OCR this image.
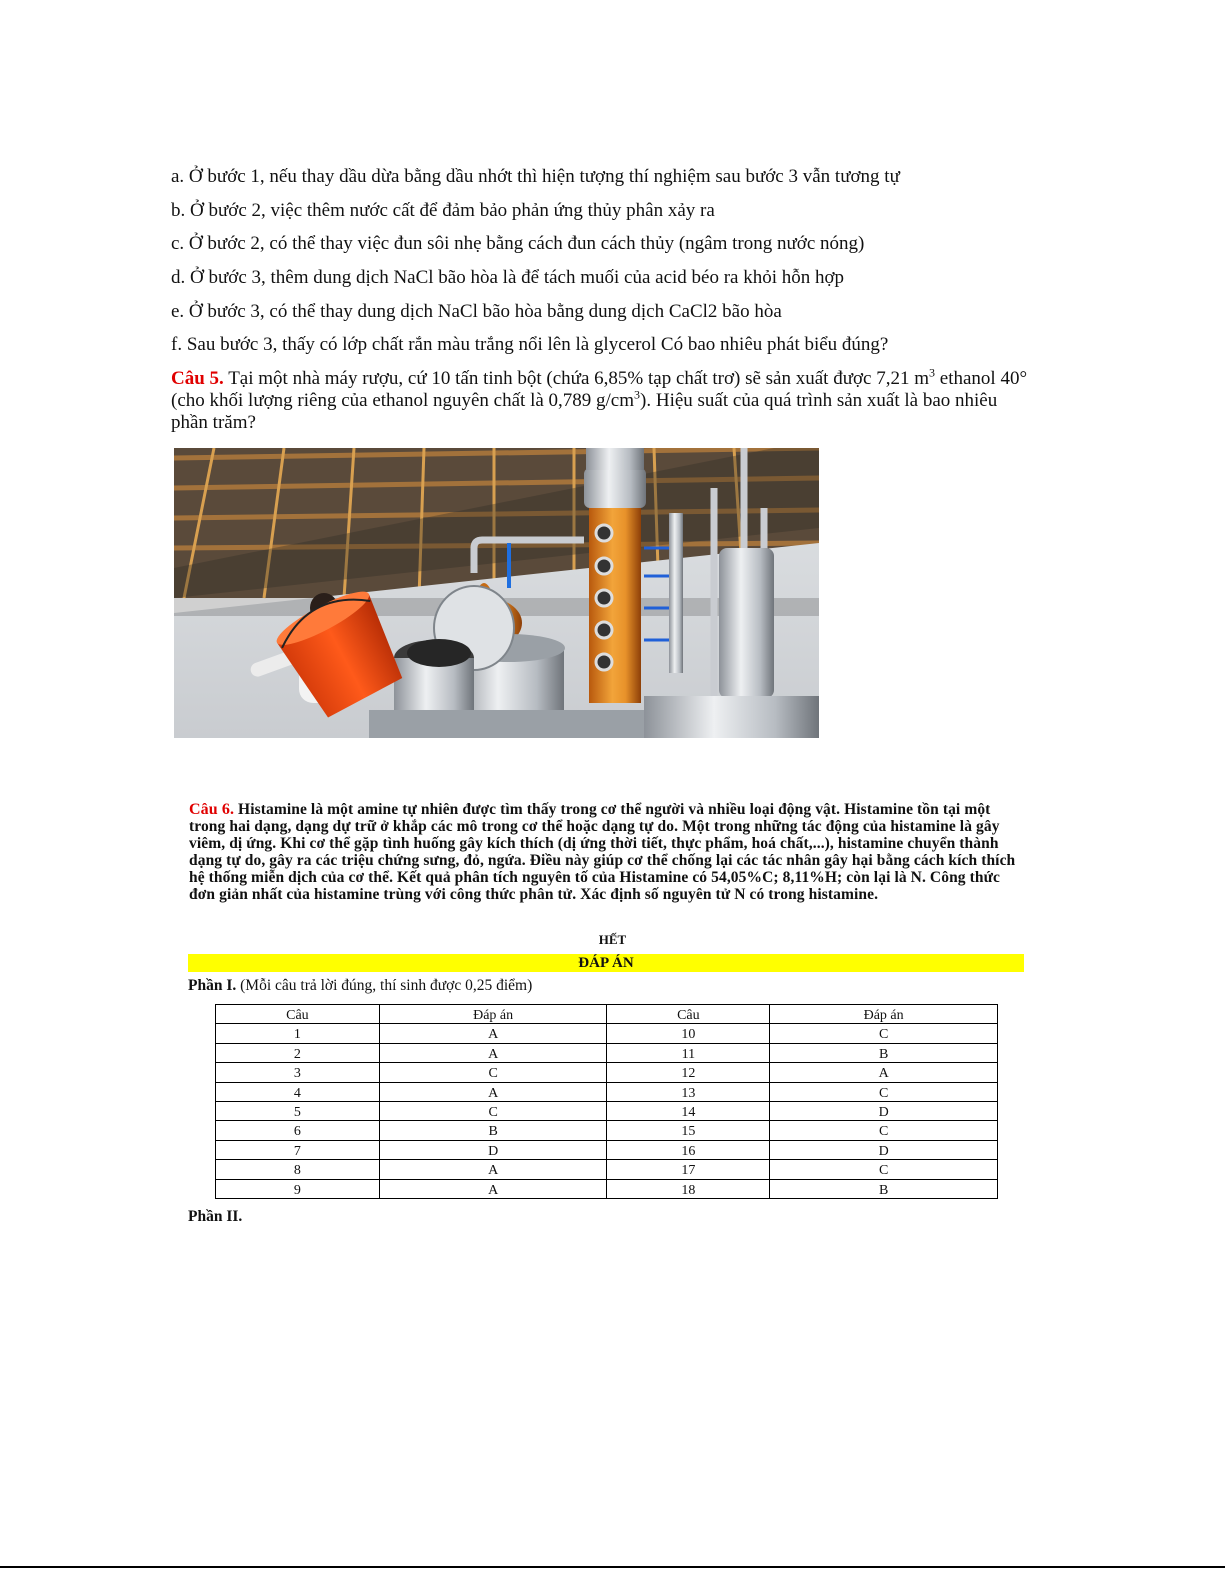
a. Ở bước 1, nếu thay dầu dừa bằng dầu nhớt thì hiện tượng thí nghiệm sau bước 3 vẫn tương tự
b. Ở bước 2, việc thêm nước cất để đảm bảo phản ứng thủy phân xảy ra
c. Ở bước 2, có thể thay việc đun sôi nhẹ bằng cách đun cách thủy (ngâm trong nước nóng)
d. Ở bước 3, thêm dung dịch NaCl bão hòa là để tách muối của acid béo ra khỏi hỗn hợp
e. Ở bước 3, có thể thay dung dịch NaCl bão hòa bằng dung dịch CaCl2 bão hòa
f. Sau bước 3, thấy có lớp chất rắn màu trắng nổi lên là glycerol Có bao nhiêu phát biểu đúng?
Câu 5. Tại một nhà máy rượu, cứ 10 tấn tinh bột (chứa 6,85% tạp chất trơ) sẽ sản xuất được 7,21 $m^3$ ethanol 40° (cho khối lượng riêng của ethanol nguyên chất là 0,789 $g/cm^3$). Hiệu suất của quá trình sản xuất là bao nhiêu phần trăm?
Câu 6. Histamine là một amine tự nhiên được tìm thấy trong cơ thể người và nhiều loại động vật. Histamine tồn tại một trong hai dạng, dạng dự trữ ở khắp các mô trong cơ thể hoặc dạng tự do. Một trong những tác động của histamine là gây viêm, dị ứng. Khi cơ thể gặp tình huống gây kích thích (dị ứng thời tiết, thực phẩm, hoá chất,...), histamine chuyển thành dạng tự do, gây ra các triệu chứng sưng, đỏ, ngứa. Điều này giúp cơ thể chống lại các tác nhân gây hại bằng cách kích thích hệ thống miễn dịch của cơ thể. Kết quả phân tích nguyên tố của Histamine có 54,05%C; 8,11%H; còn lại là N. Công thức đơn giản nhất của histamine trùng với công thức phân tử. Xác định số nguyên tử N có trong histamine.
HẾT
ĐÁP ÁN
Phần I. (Mỗi câu trả lời đúng, thí sinh được 0,25 điểm)
Câu	Đáp án	Câu	Đáp án

1	A	10	C

2	A	11	B

3	C	12	A

4	A	13	C

5	C	14	D

6	B	15	C

7	D	16	D

8	A	17	C

9	A	18	B
Phần II.
